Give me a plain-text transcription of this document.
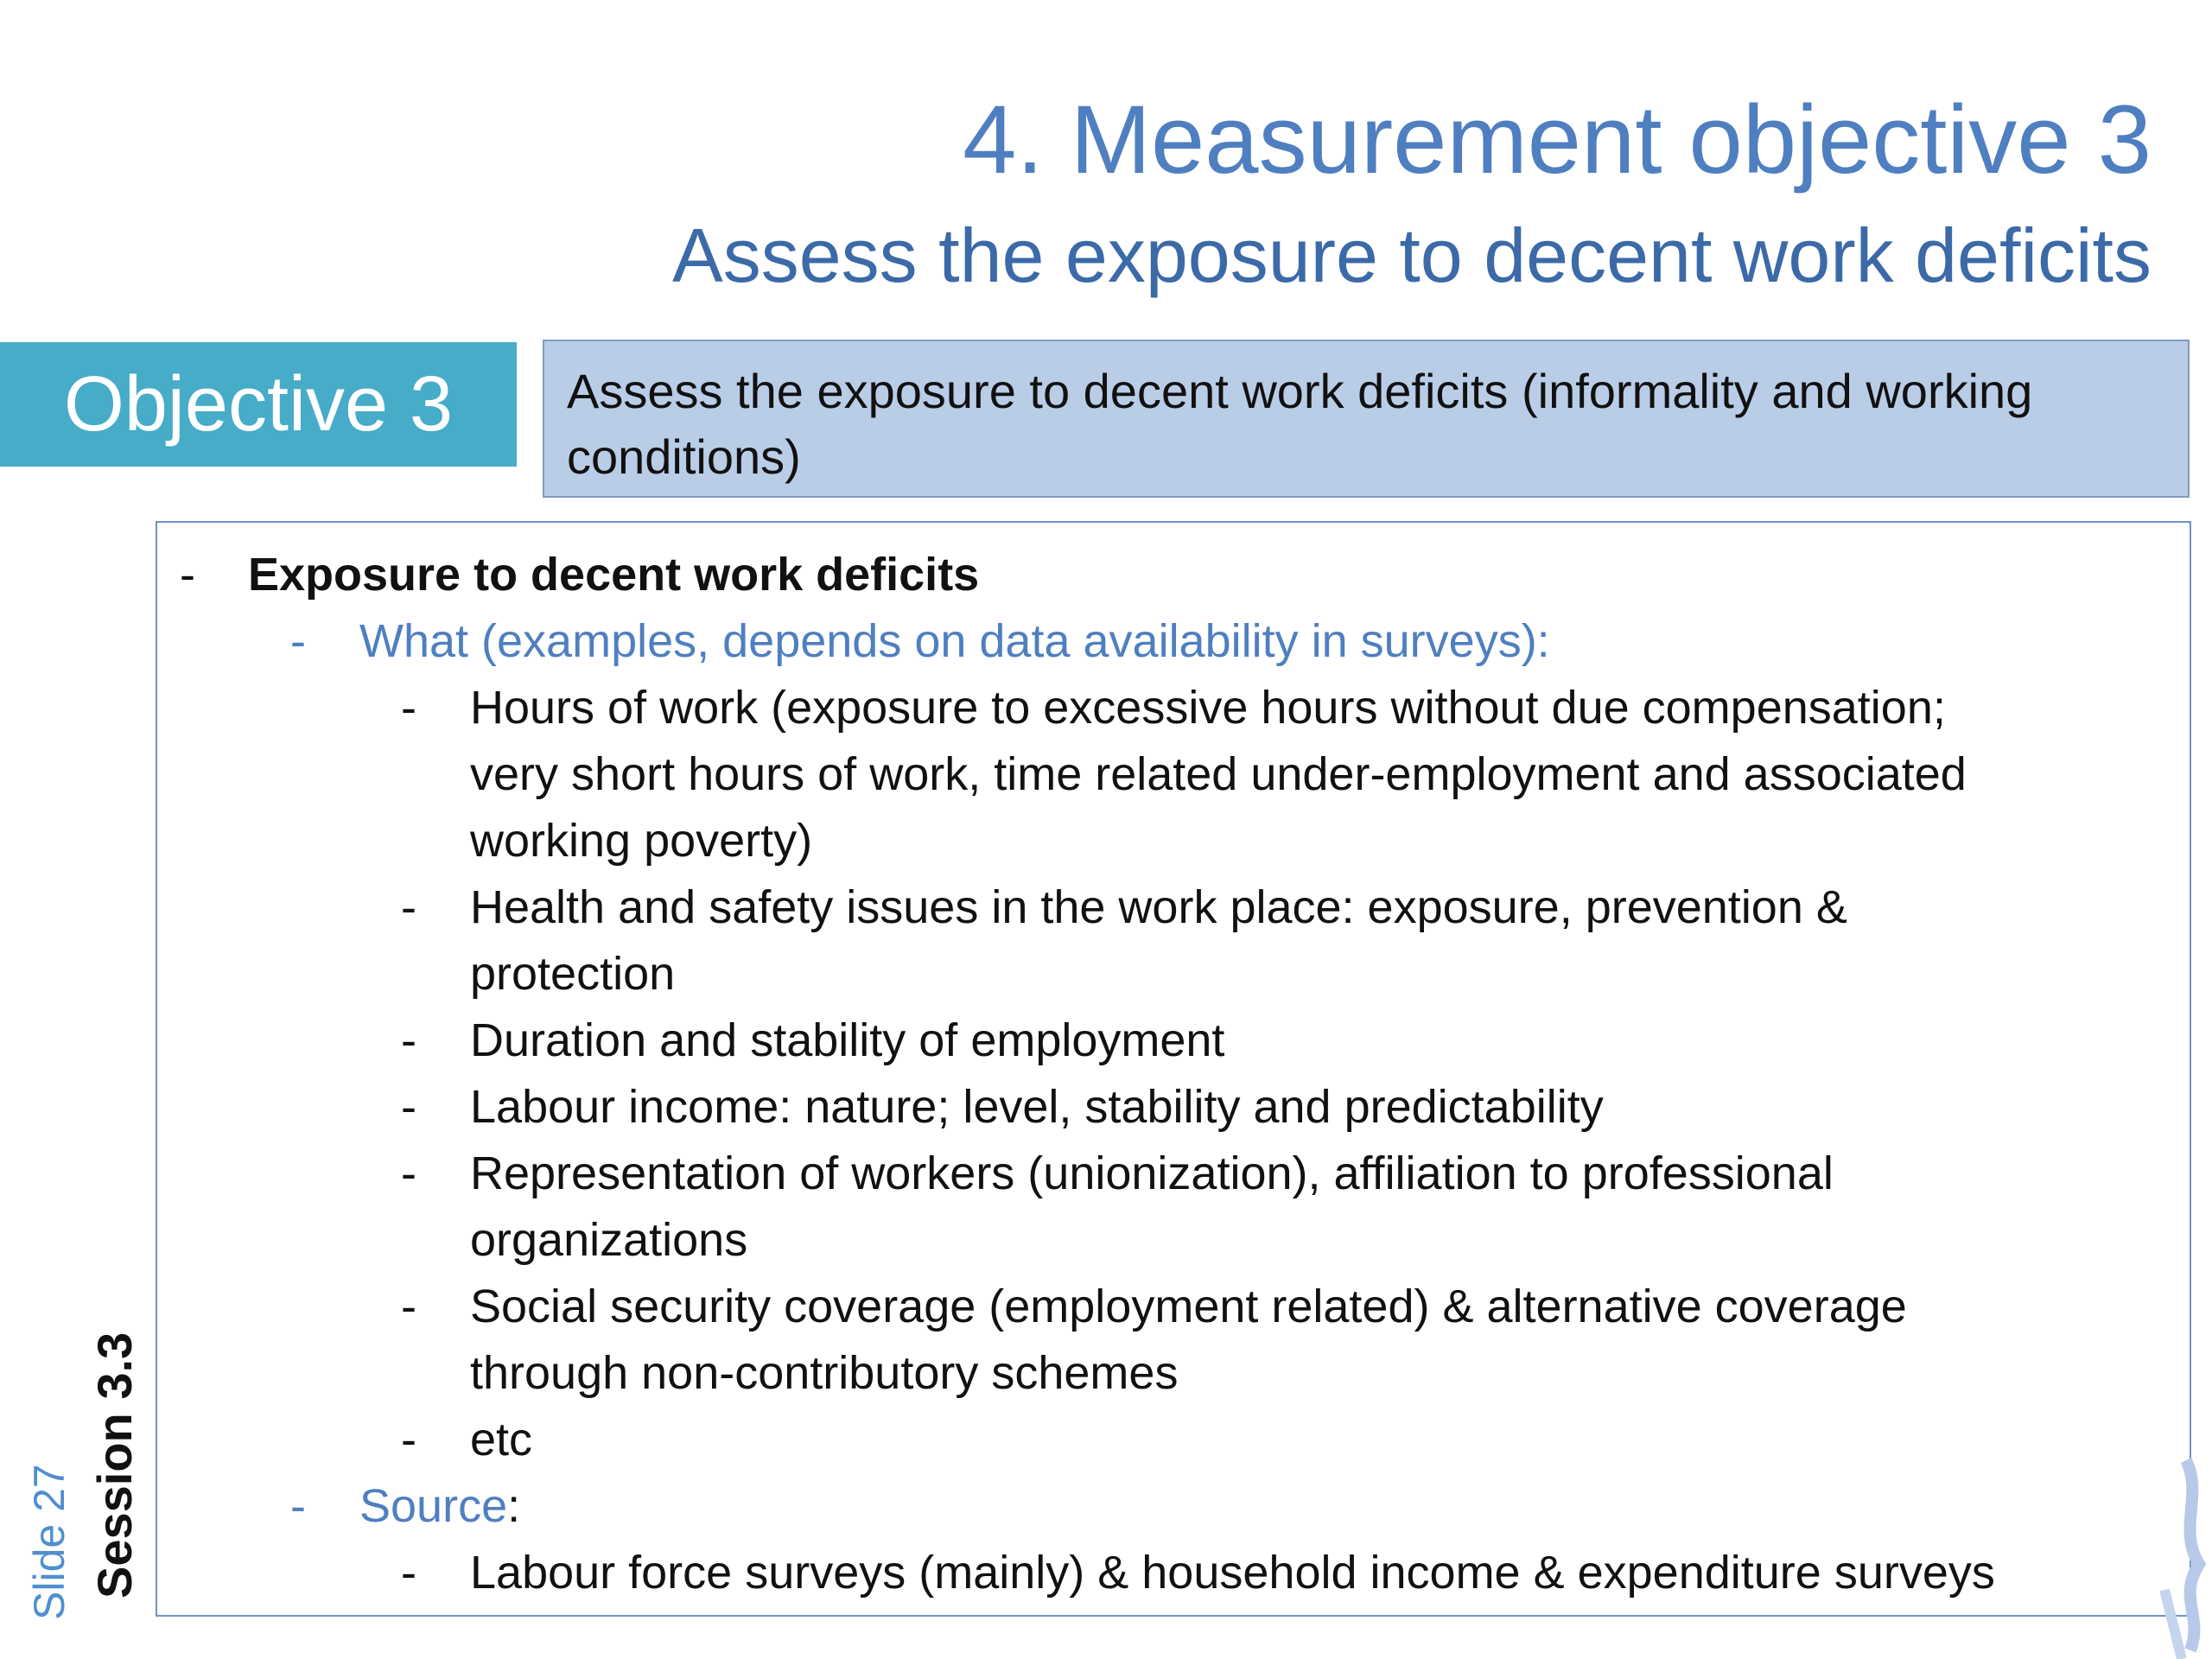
4. Measurement objective 3
Assess the exposure to decent work deficits
Objective 3	Assess the exposure to decent work deficits (informality and working conditions)
- Exposure to decent work deficits
- What (examples, depends on data availability in surveys):
- Hours of work (exposure to excessive hours without due compensation;
very short hours of work, time related under-employment and associated
working poverty)
- Health and safety issues in the work place: exposure, prevention &
protection
- Duration and stability of employment
- Labour income: nature; level, stability and predictability
- Representation of workers (unionization), affiliation to professional
organizations
- Social security coverage (employment related) & alternative coverage
through non-contributory schemes
- etc
- Source:
- Labour force surveys (mainly) & household income & expenditure surveys
Slide 27 Session 3.3
